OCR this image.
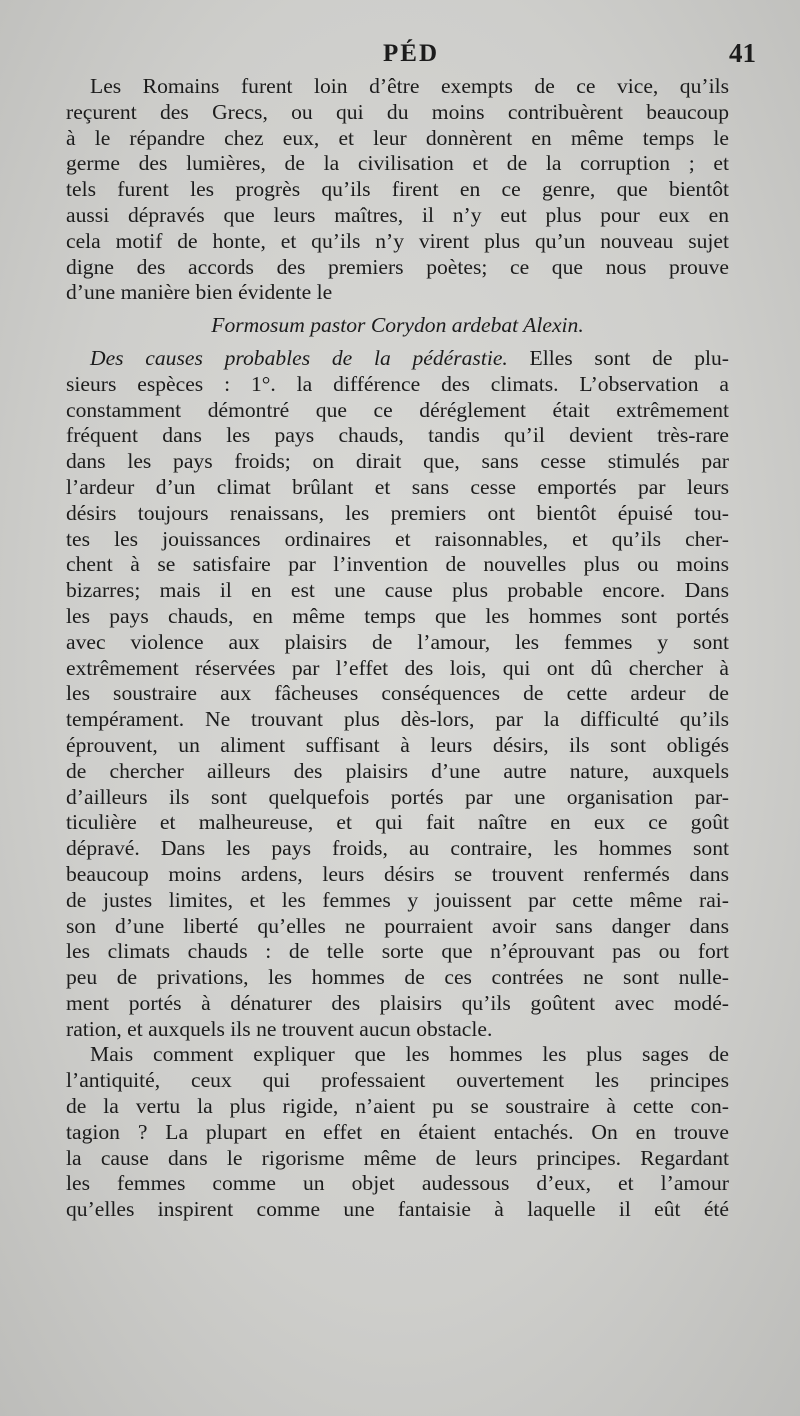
PÉD	41
Les Romains furent loin d’être exempts de ce vice, qu’ils
reçurent des Grecs, ou qui du moins contribuèrent beaucoup
à le répandre chez eux, et leur donnèrent en même temps le
germe des lumières, de la civilisation et de la corruption ; et
tels furent les progrès qu’ils firent en ce genre, que bientôt
aussi dépravés que leurs maîtres, il n’y eut plus pour eux en
cela motif de honte, et qu’ils n’y virent plus qu’un nouveau sujet
digne des accords des premiers poètes; ce que nous prouve
d’une manière bien évidente le
Formosum pastor Corydon ardebat Alexin.
Des causes probables de la pédérastie. Elles sont de plu-
sieurs espèces : 1°. la différence des climats. L’observation a
constamment démontré que ce déréglement était extrêmement
fréquent dans les pays chauds, tandis qu’il devient très-rare
dans les pays froids; on dirait que, sans cesse stimulés par
l’ardeur d’un climat brûlant et sans cesse emportés par leurs
désirs toujours renaissans, les premiers ont bientôt épuisé tou-
tes les jouissances ordinaires et raisonnables, et qu’ils cher-
chent à se satisfaire par l’invention de nouvelles plus ou moins
bizarres; mais il en est une cause plus probable encore. Dans
les pays chauds, en même temps que les hommes sont portés
avec violence aux plaisirs de l’amour, les femmes y sont
extrêmement réservées par l’effet des lois, qui ont dû chercher à
les soustraire aux fâcheuses conséquences de cette ardeur de
tempérament. Ne trouvant plus dès-lors, par la difficulté qu’ils
éprouvent, un aliment suffisant à leurs désirs, ils sont obligés
de chercher ailleurs des plaisirs d’une autre nature, auxquels
d’ailleurs ils sont quelquefois portés par une organisation par-
ticulière et malheureuse, et qui fait naître en eux ce goût
dépravé. Dans les pays froids, au contraire, les hommes sont
beaucoup moins ardens, leurs désirs se trouvent renfermés dans
de justes limites, et les femmes y jouissent par cette même rai-
son d’une liberté qu’elles ne pourraient avoir sans danger dans
les climats chauds : de telle sorte que n’éprouvant pas ou fort
peu de privations, les hommes de ces contrées ne sont nulle-
ment portés à dénaturer des plaisirs qu’ils goûtent avec modé-
ration, et auxquels ils ne trouvent aucun obstacle.
Mais comment expliquer que les hommes les plus sages de
l’antiquité, ceux qui professaient ouvertement les principes
de la vertu la plus rigide, n’aient pu se soustraire à cette con-
tagion ? La plupart en effet en étaient entachés. On en trouve
la cause dans le rigorisme même de leurs principes. Regardant
les femmes comme un objet audessous d’eux, et l’amour
qu’elles inspirent comme une fantaisie à laquelle il eût été
